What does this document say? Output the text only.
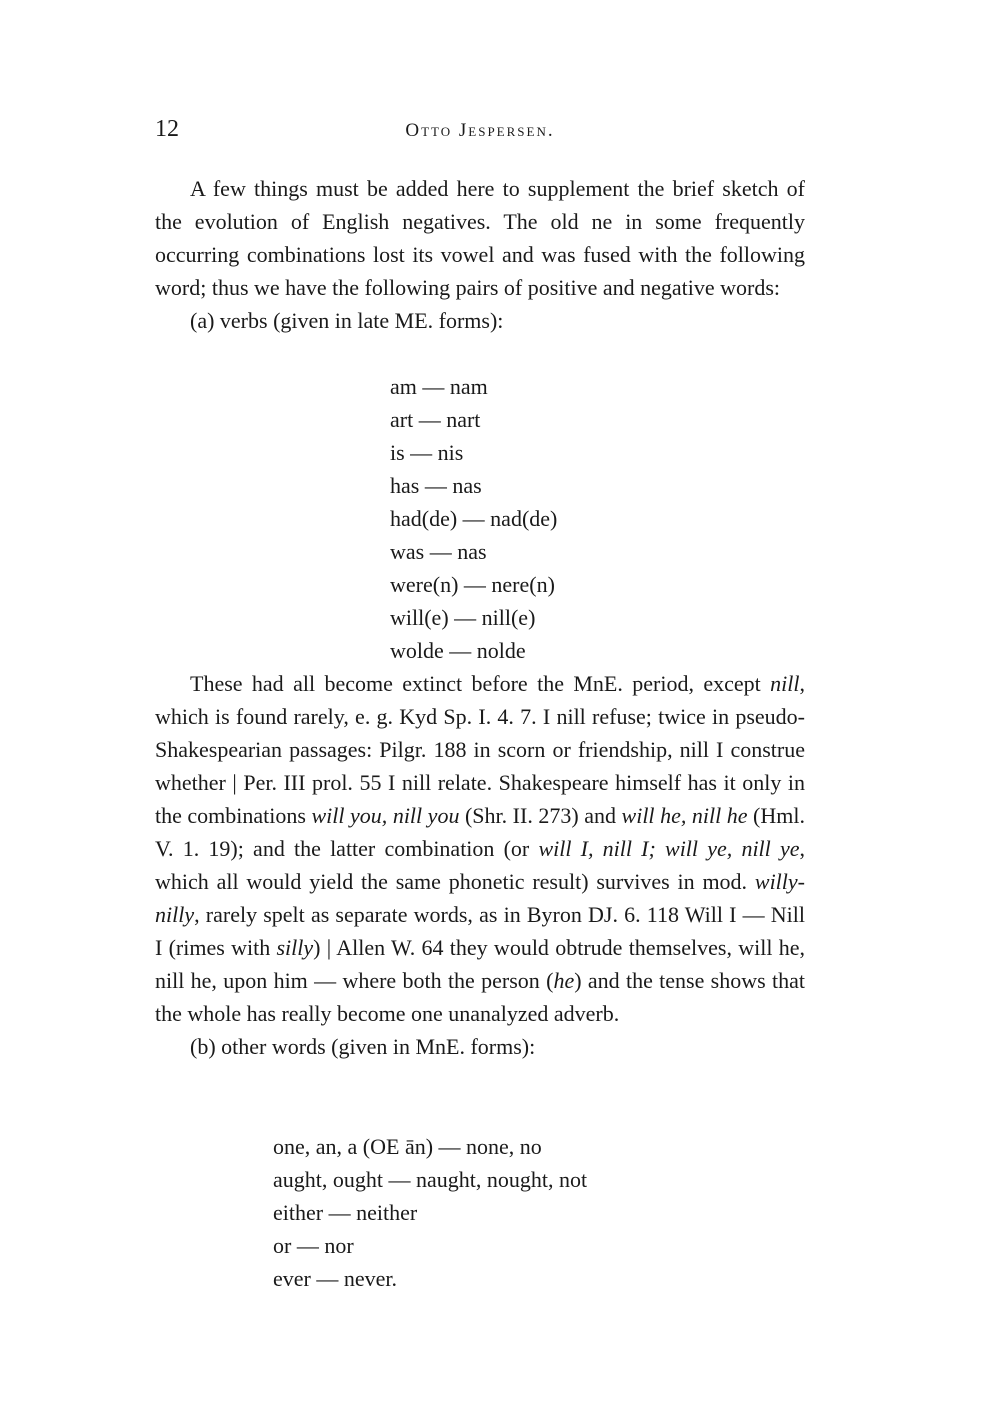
12	Otto Jespersen.

A few things must be added here to supplement the brief sketch of the evolution of English negatives. The old ne in some frequently occurring combinations lost its vowel and was fused with the following word; thus we have the following pairs of positive and negative words:

(a) verbs (given in late ME. forms):

am — nam
art — nart
is — nis
has — nas
had(de) — nad(de)
was — nas
were(n) — nere(n)
will(e) — nill(e)
wolde — nolde

These had all become extinct before the MnE. period, except nill, which is found rarely, e. g. Kyd Sp. I. 4. 7. I nill refuse; twice in pseudo-Shakespearian passages: Pilgr. 188 in scorn or friendship, nill I construe whether | Per. III prol. 55 I nill relate. Shakespeare himself has it only in the combinations will you, nill you (Shr. II. 273) and will he, nill he (Hml. V. 1. 19); and the latter combination (or will I, nill I; will ye, nill ye, which all would yield the same phonetic result) survives in mod. willy-nilly, rarely spelt as separate words, as in Byron DJ. 6. 118 Will I — Nill I (rimes with silly) | Allen W. 64 they would obtrude themselves, will he, nill he, upon him — where both the person (he) and the tense shows that the whole has really become one unanalyzed adverb.

(b) other words (given in MnE. forms):

one, an, a (OE ān) — none, no
aught, ought — naught, nought, not
either — neither
or — nor
ever — never.
